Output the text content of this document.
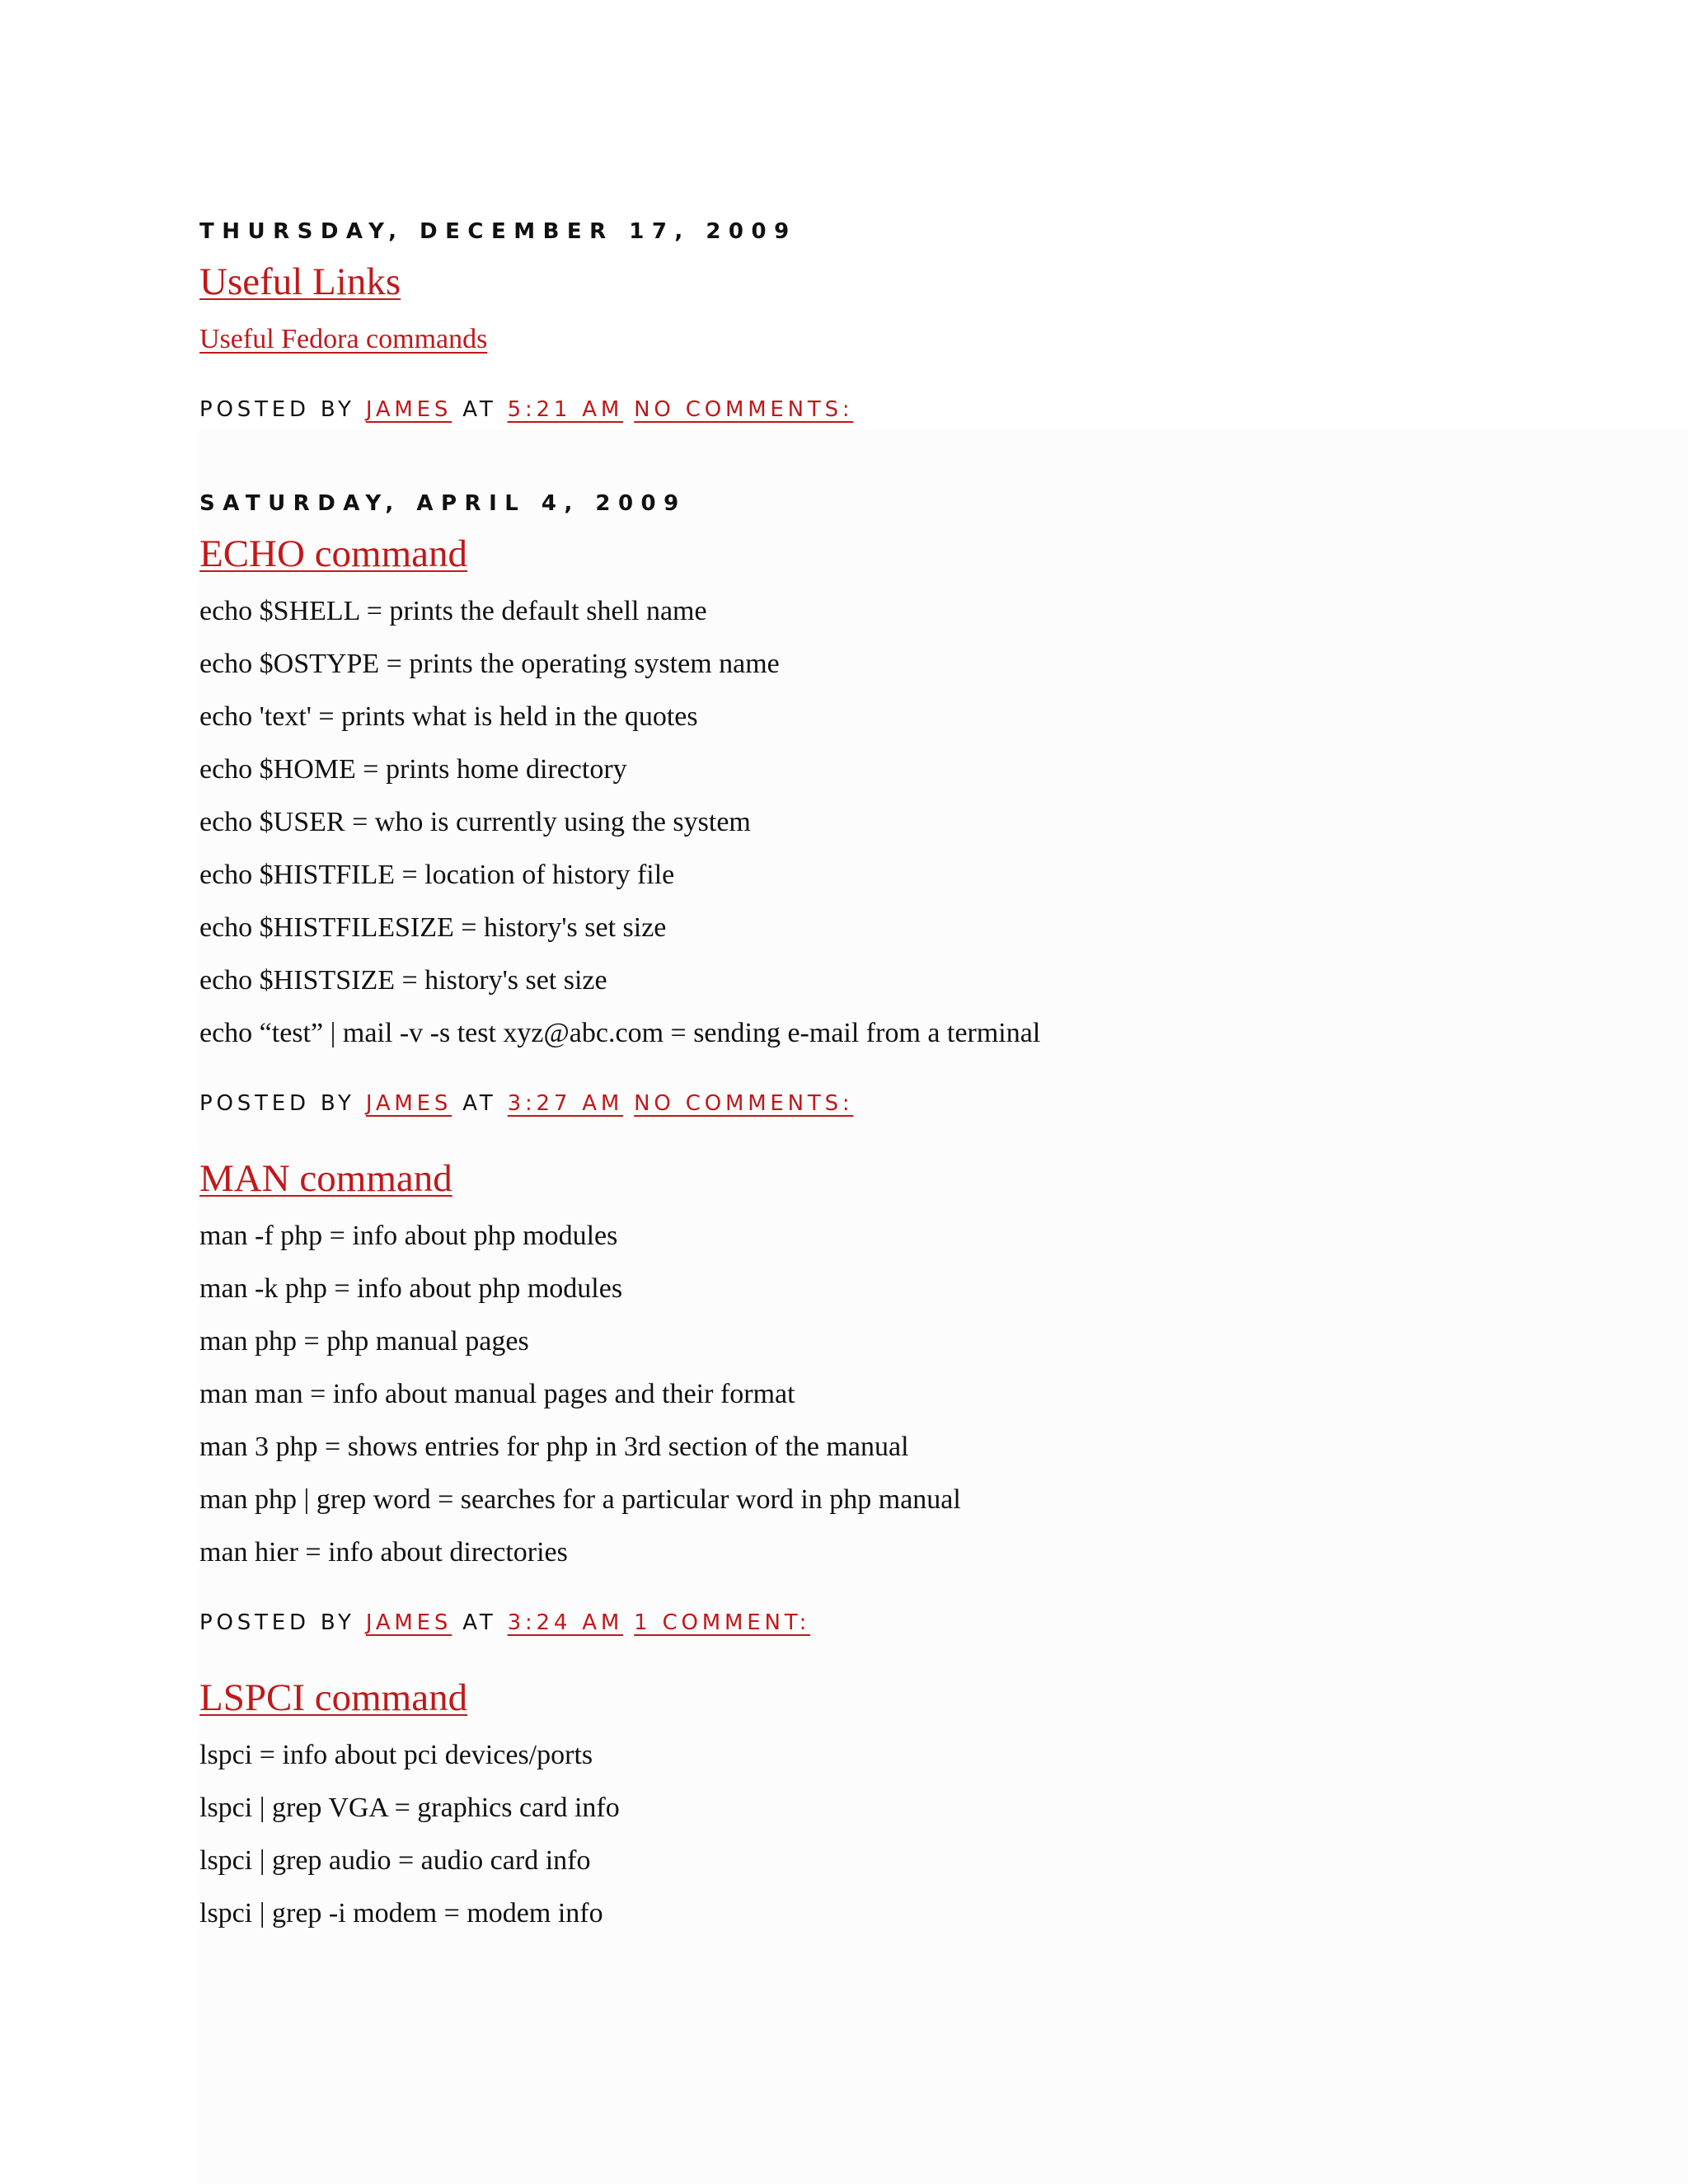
THURSDAY, DECEMBER 17, 2009
Useful Links
Useful Fedora commands
POSTED BY JAMES AT 5:21 AM NO COMMENTS:
SATURDAY, APRIL 4, 2009
ECHO command
echo $SHELL = prints the default shell name
echo $OSTYPE = prints the operating system name
echo 'text' = prints what is held in the quotes
echo $HOME = prints home directory
echo $USER = who is currently using the system
echo $HISTFILE = location of history file
echo $HISTFILESIZE = history's set size
echo $HISTSIZE = history's set size
echo “test” | mail -v -s test xyz@abc.com = sending e-mail from a terminal
POSTED BY JAMES AT 3:27 AM NO COMMENTS:
MAN command
man -f php = info about php modules
man -k php = info about php modules
man php = php manual pages
man man = info about manual pages and their format
man 3 php = shows entries for php in 3rd section of the manual
man php | grep word = searches for a particular word in php manual
man hier = info about directories
POSTED BY JAMES AT 3:24 AM 1 COMMENT:
LSPCI command
lspci = info about pci devices/ports
lspci | grep VGA = graphics card info
lspci | grep audio = audio card info
lspci | grep -i modem = modem info
